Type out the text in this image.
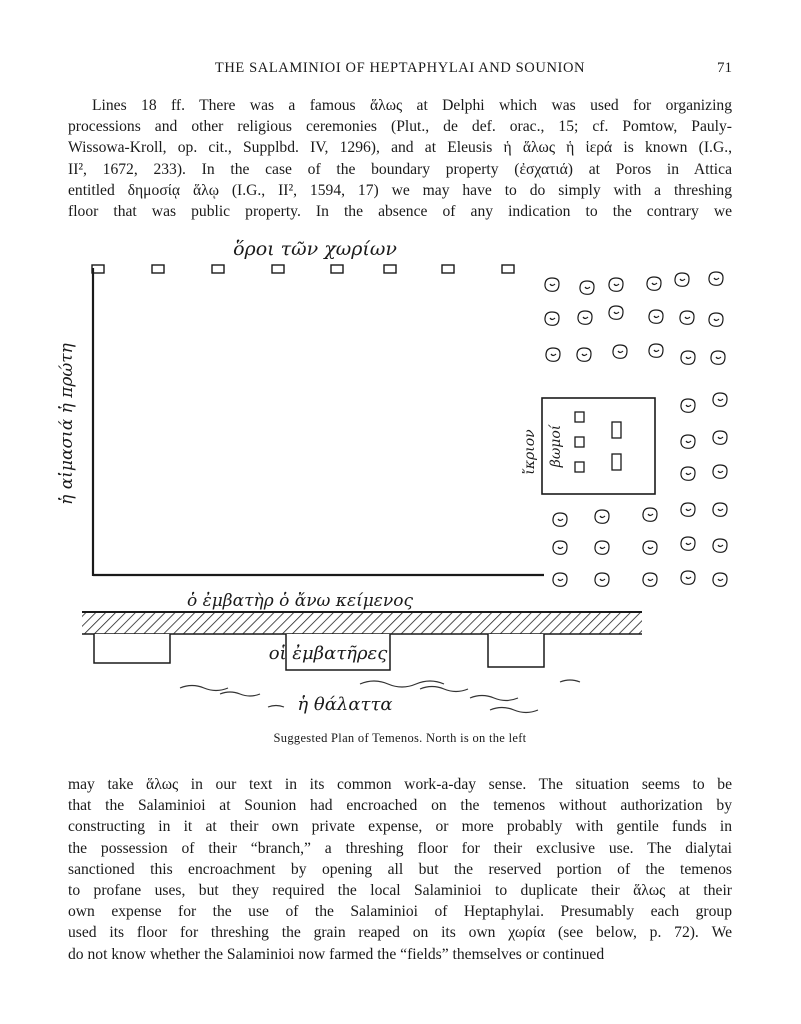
THE SALAMINIOI OF HEPTAPHYLAI AND SOUNION	71
Lines 18 ff. There was a famous ἅλως at Delphi which was used for organizing
processions and other religious ceremonies (Plut., de def. orac., 15; cf. Pomtow, Pauly-
Wissowa-Kroll, op. cit., Supplbd. IV, 1296), and at Eleusis ἡ ἅλως ἡ ἱερά is known (I.G.,
II², 1672, 233). In the case of the boundary property (ἐσχατιά) at Poros in Attica
entitled δημοσίᾳ ἅλῳ (I.G., II², 1594, 17) we may have to do simply with a threshing
floor that was public property. In the absence of any indication to the contrary we
ὅροι τῶν χωρίων
ἡ αἱμασιά ἡ πρώτη
ὁ ἐμβατὴρ ὁ ἄνω κείμενος
οἱ ἐμβατῆρες
ἡ θάλαττα
ἴκριον βωμοί
Suggested Plan of Temenos. North is on the left
may take ἅλως in our text in its common work-a-day sense. The situation seems to be
that the Salaminioi at Sounion had encroached on the temenos without authorization by
constructing in it at their own private expense, or more probably with gentile funds in
the possession of their “branch,” a threshing floor for their exclusive use. The dialytai
sanctioned this encroachment by opening all but the reserved portion of the temenos
to profane uses, but they required the local Salaminioi to duplicate their ἅλως at their
own expense for the use of the Salaminioi of Heptaphylai. Presumably each group
used its floor for threshing the grain reaped on its own χωρία (see below, p. 72). We
do not know whether the Salaminioi now farmed the “fields” themselves or continued
